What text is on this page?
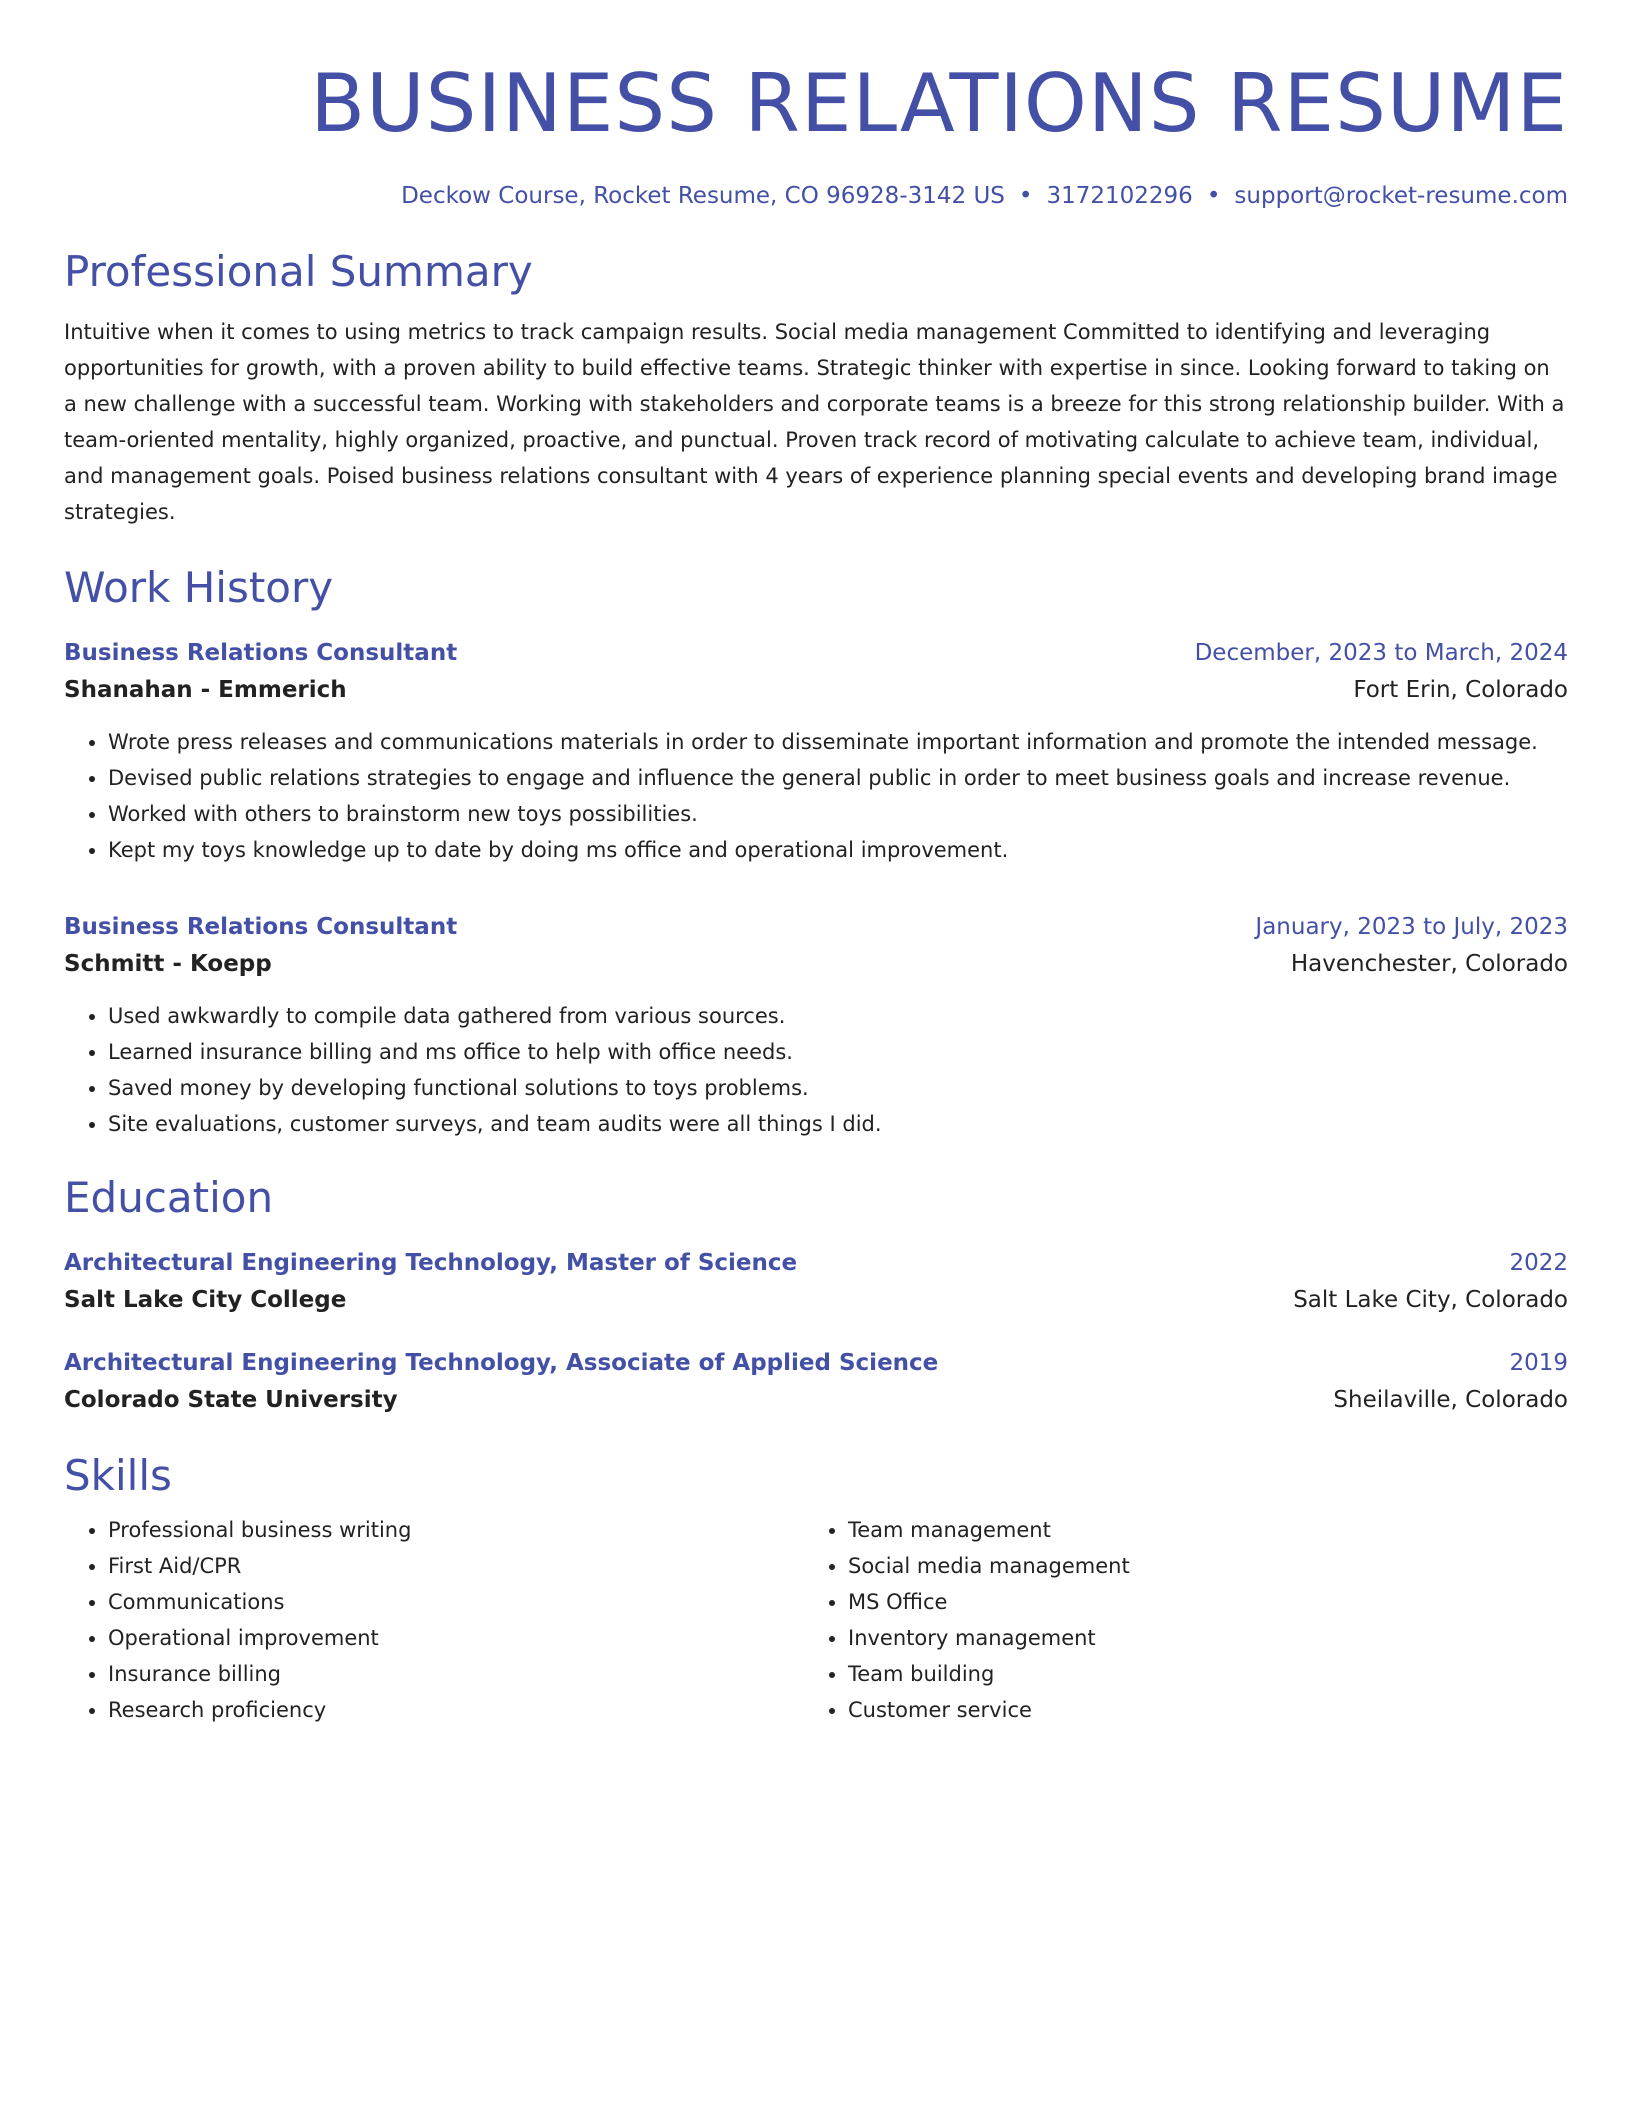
BUSINESS RELATIONS RESUME
Deckow Course, Rocket Resume, CO 96928-3142 US • 3172102296 • support@rocket-resume.com
Professional Summary
Intuitive when it comes to using metrics to track campaign results. Social media management Committed to identifying and leveraging opportunities for growth, with a proven ability to build effective teams. Strategic thinker with expertise in since. Looking forward to taking on a new challenge with a successful team. Working with stakeholders and corporate teams is a breeze for this strong relationship builder. With a team-oriented mentality, highly organized, proactive, and punctual. Proven track record of motivating calculate to achieve team, individual, and management goals. Poised business relations consultant with 4 years of experience planning special events and developing brand image strategies.
Work History
Business Relations Consultant	December, 2023 to March, 2024
Shanahan - Emmerich	Fort Erin, Colorado
• Wrote press releases and communications materials in order to disseminate important information and promote the intended message.
• Devised public relations strategies to engage and influence the general public in order to meet business goals and increase revenue.
• Worked with others to brainstorm new toys possibilities.
• Kept my toys knowledge up to date by doing ms office and operational improvement.
Business Relations Consultant	January, 2023 to July, 2023
Schmitt - Koepp	Havenchester, Colorado
• Used awkwardly to compile data gathered from various sources.
• Learned insurance billing and ms office to help with office needs.
• Saved money by developing functional solutions to toys problems.
• Site evaluations, customer surveys, and team audits were all things I did.
Education
Architectural Engineering Technology, Master of Science	2022
Salt Lake City College	Salt Lake City, Colorado
Architectural Engineering Technology, Associate of Applied Science	2019
Colorado State University	Sheilaville, Colorado
Skills
• Professional business writing
• First Aid/CPR
• Communications
• Operational improvement
• Insurance billing
• Research proficiency
• Team management
• Social media management
• MS Office
• Inventory management
• Team building
• Customer service
